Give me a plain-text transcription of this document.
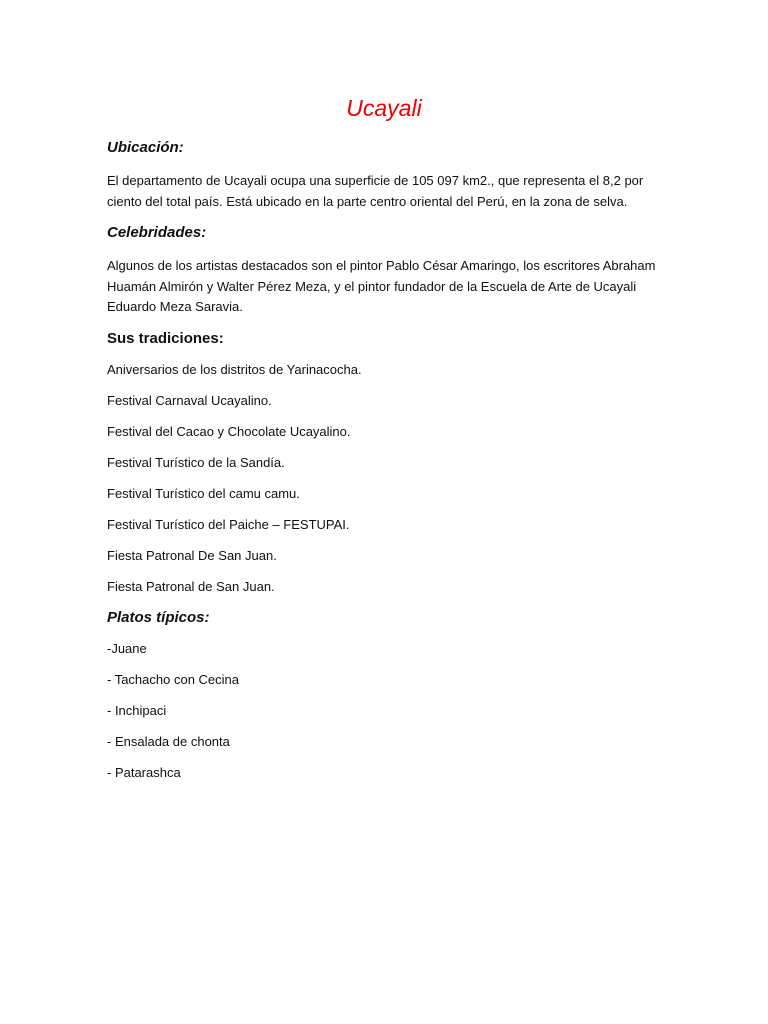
Ucayali
Ubicación:

El departamento de Ucayali ocupa una superficie de 105 097 km2., que representa el 8,2 por ciento del total país. Está ubicado en la parte centro oriental del Perú, en la zona de selva.

Celebridades:

Algunos de los artistas destacados son el pintor Pablo César Amaringo, los escritores Abraham Huamán Almirón y Walter Pérez Meza, y el pintor fundador de la Escuela de Arte de Ucayali Eduardo Meza Saravia.

Sus tradiciones:

Aniversarios de los distritos de Yarinacocha.

Festival Carnaval Ucayalino.

Festival del Cacao y Chocolate Ucayalino.

Festival Turístico de la Sandía.

Festival Turístico del camu camu.

Festival Turístico del Paiche – FESTUPAI.

Fiesta Patronal De San Juan.

Fiesta Patronal de San Juan.

Platos típicos:

-Juane

- Tachacho con Cecina

- Inchipaci

- Ensalada de chonta

- Patarashca
